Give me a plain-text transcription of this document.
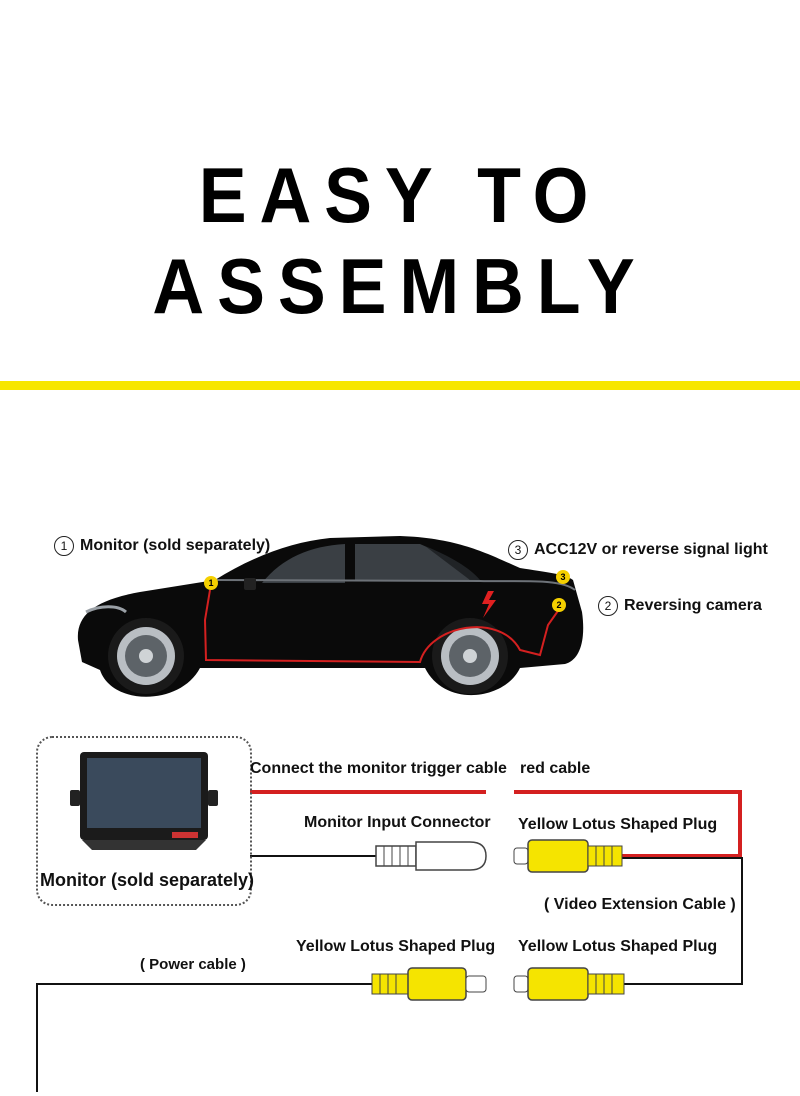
EASY TO ASSEMBLY
1 Monitor (sold separately)	3 ACC12V or reverse signal light
2 Reversing camera
1
3
2
Connect the monitor trigger cable red cable
Monitor Input Connector Yellow Lotus Shaped Plug
( Video Extension Cable )
Yellow Lotus Shaped Plug Yellow Lotus Shaped Plug
( Power cable )
Monitor (sold separately)
